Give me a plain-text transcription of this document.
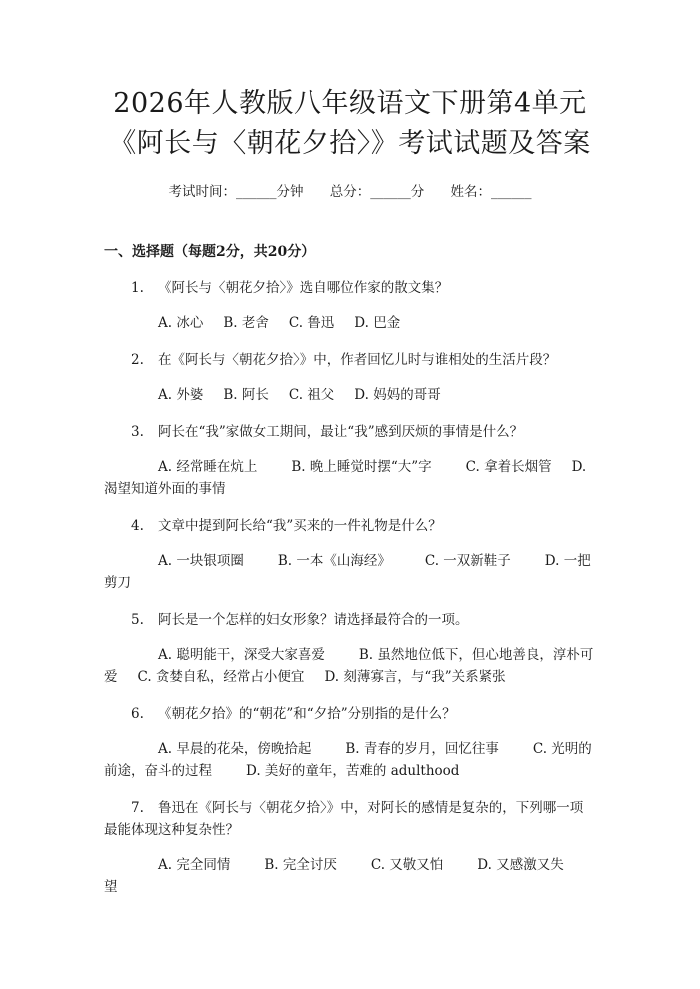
2026年人教版八年级语文下册第4单元《阿长与〈朝花夕拾〉》考试试题及答案
考试时间：______分钟 总分：______分 姓名：______
一、选择题（每题2分，共20分）
1. 《阿长与〈朝花夕拾〉》选自哪位作家的散文集？
A. 冰心 B. 老舍 C. 鲁迅 D. 巴金
2. 在《阿长与〈朝花夕拾〉》中，作者回忆儿时与谁相处的生活片段？
A. 外婆 B. 阿长 C. 祖父 D. 妈妈的哥哥
3. 阿长在“我”家做女工期间，最让“我”感到厌烦的事情是什么？
A. 经常睡在炕上	B. 晚上睡觉时摆“大”字	C. 拿着长烟管 D. 渴望知道外面的事情
4. 文章中提到阿长给“我”买来的一件礼物是什么？
A. 一块银项圈	B. 一本《山海经》	C. 一双新鞋子	D. 一把剪刀
5. 阿长是一个怎样的妇女形象？请选择最符合的一项。
A. 聪明能干，深受大家喜爱	B. 虽然地位低下，但心地善良，淳朴可爱 C. 贪婪自私，经常占小便宜 D. 刻薄寡言，与“我”关系紧张
6. 《朝花夕拾》的“朝花”和“夕拾”分别指的是什么？
A. 早晨的花朵，傍晚拾起	B. 青春的岁月，回忆往事	C. 光明的前途，奋斗的过程	D. 美好的童年，苦难的 adulthood
7. 鲁迅在《阿长与〈朝花夕拾〉》中，对阿长的感情是复杂的，下列哪一项最能体现这种复杂性？
A. 完全同情	B. 完全讨厌	C. 又敬又怕	D. 又感激又失望
